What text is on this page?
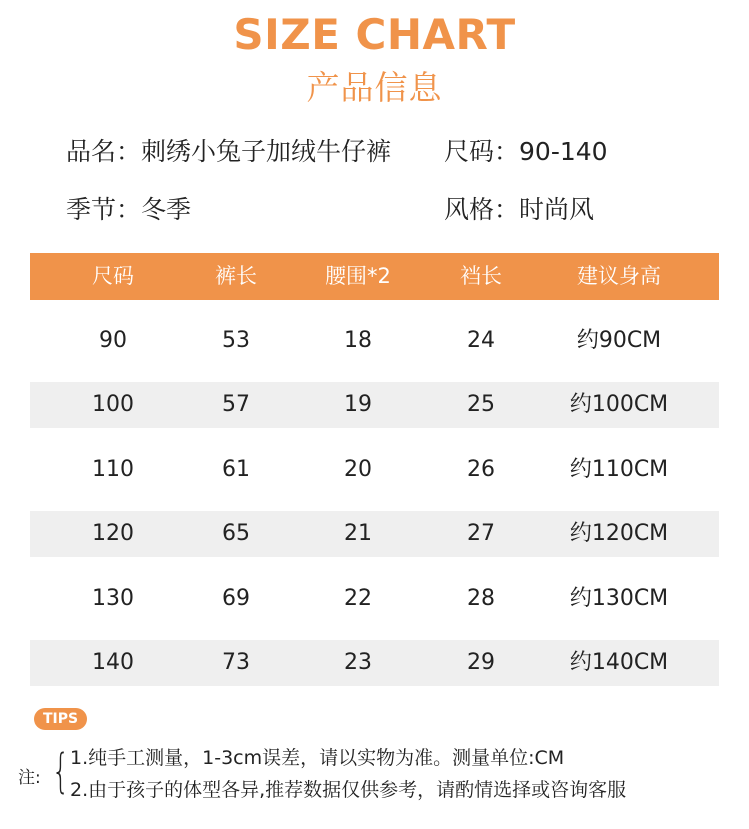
SIZE CHART
产品信息
品名：刺绣小兔子加绒牛仔裤 尺码：90-140
季节：冬季	风格：时尚风
尺码	裤长	腰围*2	裆长	建议身高
90	53	18	24	约90CM
100	57	19	25	约100CM
110	61	20	26	约110CM
120	65	21	27	约120CM
130	69	22	28	约130CM
140	73	23	29	约140CM
TIPS
注: { 1.纯手工测量，1-3cm误差，请以实物为准。测量单位:CM
2.由于孩子的体型各异,推荐数据仅供参考，请酌情选择或咨询客服
